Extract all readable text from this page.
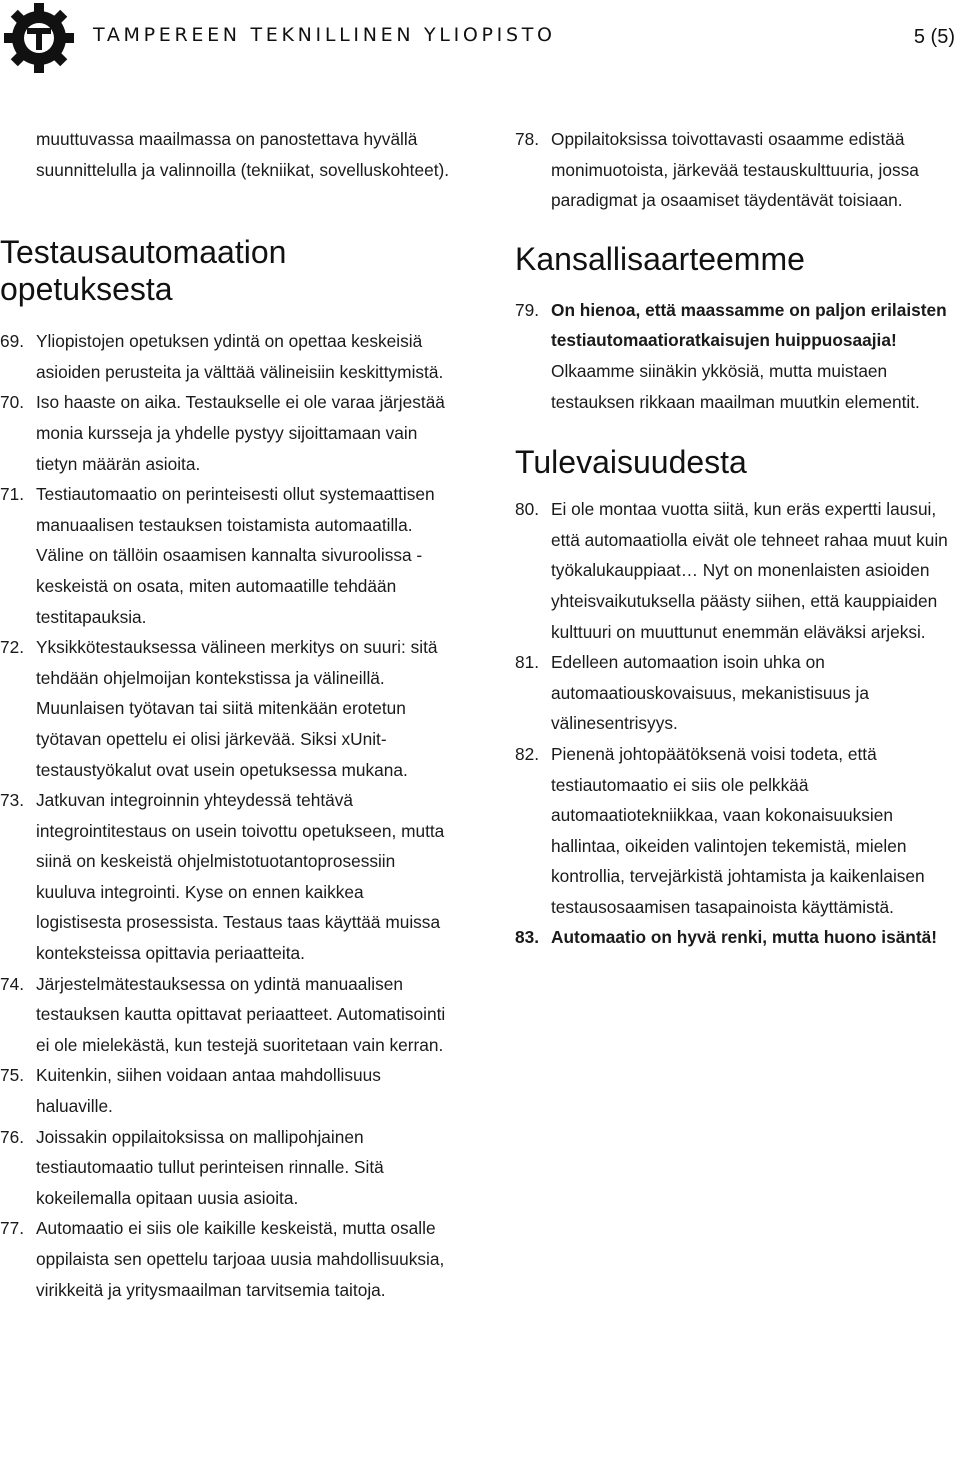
TAMPEREEN TEKNILLINEN YLIOPISTO	5 (5)

muuttuvassa maailmassa on panostettava hyvällä suunnittelulla ja valinnoilla (tekniikat, sovelluskohteet).

Testausautomaation opetuksesta
69. Yliopistojen opetuksen ydintä on opettaa keskeisiä asioiden perusteita ja välttää välineisiin keskittymistä.
70. Iso haaste on aika. Testaukselle ei ole varaa järjestää monia kursseja ja yhdelle pystyy sijoittamaan vain tietyn määrän asioita.
71. Testiautomaatio on perinteisesti ollut systemaattisen manuaalisen testauksen toistamista automaatilla. Väline on tällöin osaamisen kannalta sivuroolissa - keskeistä on osata, miten automaatille tehdään testitapauksia.
72. Yksikkötestauksessa välineen merkitys on suuri: sitä tehdään ohjelmoijan kontekstissa ja välineillä. Muunlaisen työtavan tai siitä mitenkään erotetun työtavan opettelu ei olisi järkevää. Siksi xUnit-testaustyökalut ovat usein opetuksessa mukana.
73. Jatkuvan integroinnin yhteydessä tehtävä integrointitestaus on usein toivottu opetukseen, mutta siinä on keskeistä ohjelmistotuotantoprosessiin kuuluva integrointi. Kyse on ennen kaikkea logistisesta prosessista. Testaus taas käyttää muissa konteksteissa opittavia periaatteita.
74. Järjestelmätestauksessa on ydintä manuaalisen testauksen kautta opittavat periaatteet. Automatisointi ei ole mielekästä, kun testejä suoritetaan vain kerran.
75. Kuitenkin, siihen voidaan antaa mahdollisuus haluaville.
76. Joissakin oppilaitoksissa on mallipohjainen testiautomaatio tullut perinteisen rinnalle. Sitä kokeilemalla opitaan uusia asioita.
77. Automaatio ei siis ole kaikille keskeistä, mutta osalle oppilaista sen opettelu tarjoaa uusia mahdollisuuksia, virikkeitä ja yritysmaailman tarvitsemia taitoja.
78. Oppilaitoksissa toivottavasti osaamme edistää monimuotoista, järkevää testauskulttuuria, jossa paradigmat ja osaamiset täydentävät toisiaan.
Kansallisaarteemme
79. On hienoa, että maassamme on paljon erilaisten testiautomaatioratkaisujen huippuosaajia! Olkaamme siinäkin ykkösiä, mutta muistaen testauksen rikkaan maailman muutkin elementit.
Tulevaisuudesta
80. Ei ole montaa vuotta siitä, kun eräs expertti lausui, että automaatiolla eivät ole tehneet rahaa muut kuin työkalukauppiaat… Nyt on monenlaisten asioiden yhteisvaikutuksella päästy siihen, että kauppiaiden kulttuuri on muuttunut enemmän eläväksi arjeksi.
81. Edelleen automaation isoin uhka on automaatiouskovaisuus, mekanistisuus ja välinesentrisyys.
82. Pienenä johtopäätöksenä voisi todeta, että testiautomaatio ei siis ole pelkkää automaatiotekniikkaa, vaan kokonaisuuksien hallintaa, oikeiden valintojen tekemistä, mielen kontrollia, tervejärkistä johtamista ja kaikenlaisen testausosaamisen tasapainoista käyttämistä.
83. Automaatio on hyvä renki, mutta huono isäntä!
